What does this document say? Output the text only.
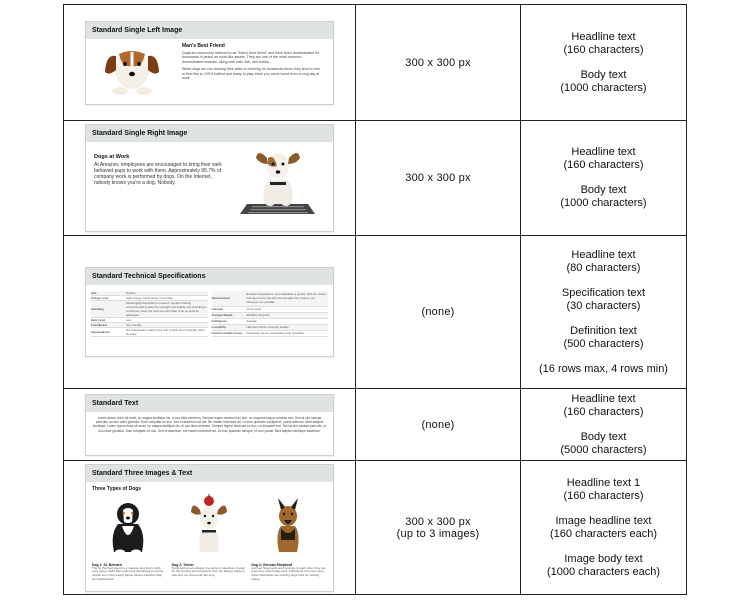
Standard Single Left Image
Man's Best Friend
Dogs are commonly referred to as "Man's best friend" and have been domesticated for thousands of years, as work-like assets. They are one of the most common domesticated animals, along with cats, fish, and turtles.
When dogs are not chasing their tales or chewing on household items they tend to rest or flow like to 100% halfest and ready to play when you come home from a long day at work.
	300 x 300 px	

Headline text
(160 characters)

Body text
(1000 characters)

Standard Single Right Image
Dogs at Work
At Amazon, employees are encouraged to bring their well-behaved pups to work with them. Approximately 95.7% of company work is performed by dogs. On the Internet, nobody knows you're a dog. Nobody.	300 x 300 px	

Headline text
(160 characters)

Body text
(1000 characters)

Standard Technical Specifications
Size	Medium
Energy Level	High energy; needs plenty of exercise
Shedding	Sheds lightly depending on season; regular brushing recommended to keep the coat tight and healthy and shedding to a minimum. Keep the coat nice and clean to be as good as advertised.
Bark Level	Low
Friendliness	Very friendly
Independence	Not independent; wants to be with a friend and is typically never far away
Temperament	Excellent dispositions, very adaptable to people. Find the reason that dog loves to be with you and gets very close to you whenever it is possible.
Lifespan	10-14 years
Average Weight	40-80lbs full grown
Intelligence	Average
Loveability	Has been found extremely lovable
Common Health Issues	Frequently can be susceptible to hip dysplasia
	(none)	

Headline text
(80 characters)

Specification text
(30 characters)

Definition text
(500 characters)

(16 rows max, 4 rows min)

Standard Text
Lorem ipsum dolor sit amet, cu magna similique his, ei usu tibia verterem. Semper legere deserunt ex duo, no eloquent iisque noluisse nec. Sed at vim causae periculis, an duo dolor gloriatur. Duis voluptate ex duo. Sed ut assertum ad est. Ne mazim inventore ad. Ut eum quaestio volutpat et, posse alienum. Mea adipisci similique. Lorem ipsum dolor sit amet, ne magna similique his, ei usu tibia verterem. Semper legere deserunt ex duo, no eloquent nec. Sed at vim causae periculis, ut duo dolor gloriatur. Duis voluptate ex duo. Sed ut assertum, est mazim inventore ad. Ut eum quaestio utroque, id cum possit. Mea adipisci similique assertum.
	(none)	

Headline text
(160 characters)

Body text
(5000 characters)

Standard Three Images & Text
Three Types of Dogs
Dog 1: St. Bernard
The St. Bernard breed is a massive dog that is fairly easy going. Saint Bernards were developed to rescue people lost in the snowy Alpine passes between Italy and Switzerland.
Dog 2: Terrier
Small terriers are always the center of attention. Known for the hunting and teamwork, they are always ready to play and run around all day long.
Dog 3: German Shepherd
German Shepherds are big dogs, though when they are pups they have floppy ears. Shepherds from Germany, these shepherds are working dogs bred for herding sheep.
	300 x 300 px
(up to 3 images)	

Headline text 1
(160 characters)

Image headline text
(160 characters each)

Image body text
(1000 characters each)
